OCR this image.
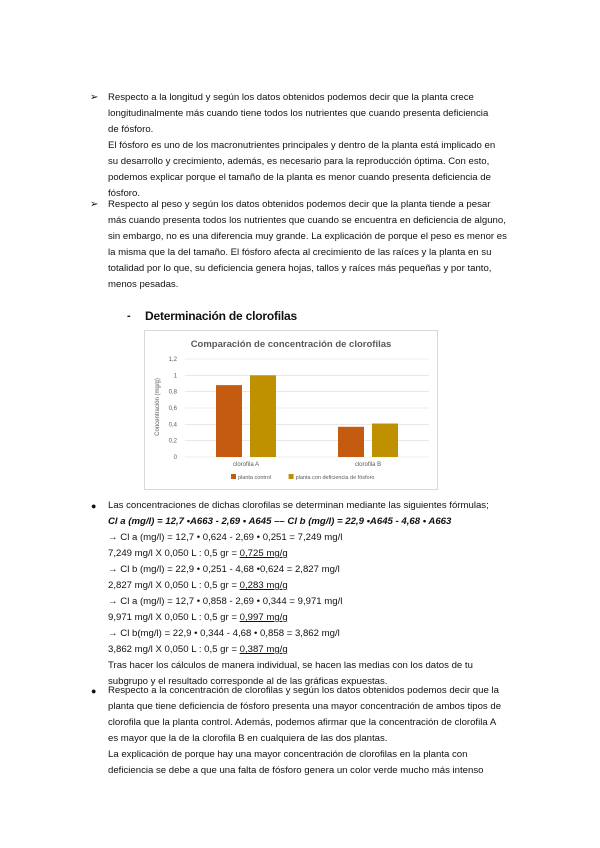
➢ Respecto a la longitud y según los datos obtenidos podemos decir que la planta crece
longitudinalmente más cuando tiene todos los nutrientes que cuando presenta deficiencia
de fósforo.
El fósforo es uno de los macronutrientes principales y dentro de la planta está implicado en
su desarrollo y crecimiento, además, es necesario para la reproducción óptima. Con esto,
podemos explicar porque el tamaño de la planta es menor cuando presenta deficiencia de
fósforo.
➢ Respecto al peso y según los datos obtenidos podemos decir que la planta tiende a pesar
más cuando presenta todos los nutrientes que cuando se encuentra en deficiencia de alguno,
sin embargo, no es una diferencia muy grande. La explicación de porque el peso es menor es
la misma que la del tamaño. El fósforo afecta al crecimiento de las raíces y la planta en su
totalidad por lo que, su deficiencia genera hojas, tallos y raíces más pequeñas y por tanto,
menos pesadas.
- Determinación de clorofilas
Comparación de concentración de clorofilas
Concentración (mg/g)
0
0,2
0,4
0,6
0,8
1
1,2
clorofila A	clorofila B
planta control	planta con deficiencia de fósforo
● Las concentraciones de dichas clorofilas se determinan mediante las siguientes fórmulas;
Cl a (mg/l) = 12,7 •A663 - 2,69 • A645 –– Cl b (mg/l) = 22,9 •A645 - 4,68 • A663
→ Cl a (mg/l) = 12,7 • 0,624 - 2,69 • 0,251 = 7,249 mg/l
7,249 mg/l X 0,050 L : 0,5 gr = 0,725 mg/g
→ Cl b (mg/l) = 22,9 • 0,251 - 4,68 •0,624 = 2,827 mg/l
2,827 mg/l X 0,050 L : 0,5 gr = 0,283 mg/g
→ Cl a (mg/l) = 12,7 • 0,858 - 2,69 • 0,344 = 9,971 mg/l
9,971 mg/l X 0,050 L : 0,5 gr = 0,997 mg/g
→ Cl b(mg/l) = 22,9 • 0,344 - 4,68 • 0,858 = 3,862 mg/l
3,862 mg/l X 0,050 L : 0,5 gr = 0,387 mg/g
Tras hacer los cálculos de manera individual, se hacen las medias con los datos de tu
subgrupo y el resultado corresponde al de las gráficas expuestas.
● Respecto a la concentración de clorofilas y según los datos obtenidos podemos decir que la
planta que tiene deficiencia de fósforo presenta una mayor concentración de ambos tipos de
clorofila que la planta control. Además, podemos afirmar que la concentración de clorofila A
es mayor que la de la clorofila B en cualquiera de las dos plantas.
La explicación de porque hay una mayor concentración de clorofilas en la planta con
deficiencia se debe a que una falta de fósforo genera un color verde mucho más intenso
